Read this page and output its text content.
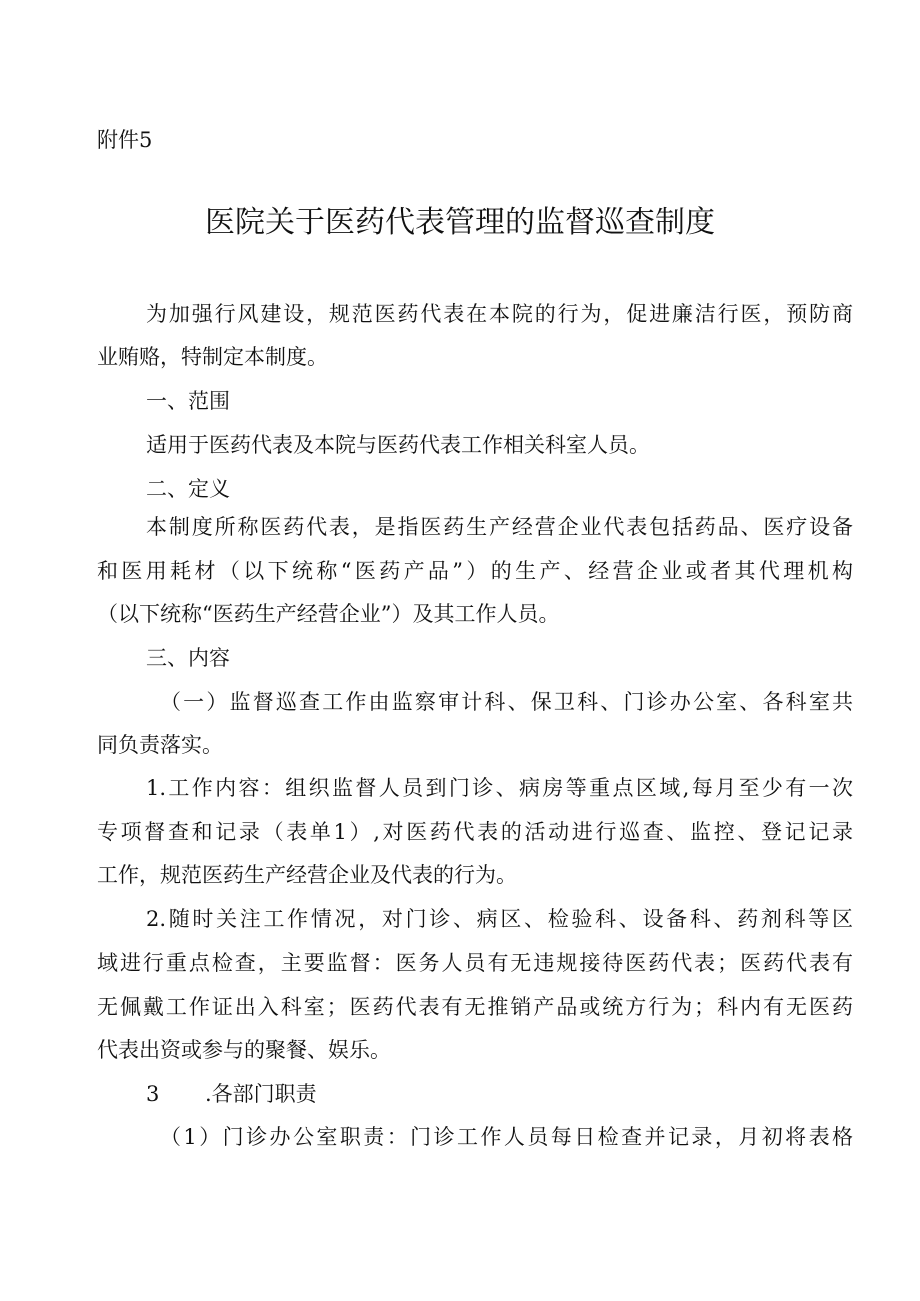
附件5
医院关于医药代表管理的监督巡查制度
为加强行风建设，规范医药代表在本院的行为，促进廉洁行医，预防商
业贿赂，特制定本制度。
一、范围
适用于医药代表及本院与医药代表工作相关科室人员。
二、定义
本制度所称医药代表，是指医药生产经营企业代表包括药品、医疗设备
和医用耗材（以下统称“医药产品”）的生产、经营企业或者其代理机构
（以下统称“医药生产经营企业”）及其工作人员。
三、内容
（一）监督巡查工作由监察审计科、保卫科、门诊办公室、各科室共
同负责落实。
1.工作内容：组织监督人员到门诊、病房等重点区域,每月至少有一次
专项督查和记录（表单1）,对医药代表的活动进行巡查、监控、登记记录
工作，规范医药生产经营企业及代表的行为。
2.随时关注工作情况，对门诊、病区、检验科、设备科、药剂科等区
域进行重点检查，主要监督：医务人员有无违规接待医药代表；医药代表有
无佩戴工作证出入科室；医药代表有无推销产品或统方行为；科内有无医药
代表出资或参与的聚餐、娱乐。
3 .各部门职责
（1）门诊办公室职责：门诊工作人员每日检查并记录，月初将表格
